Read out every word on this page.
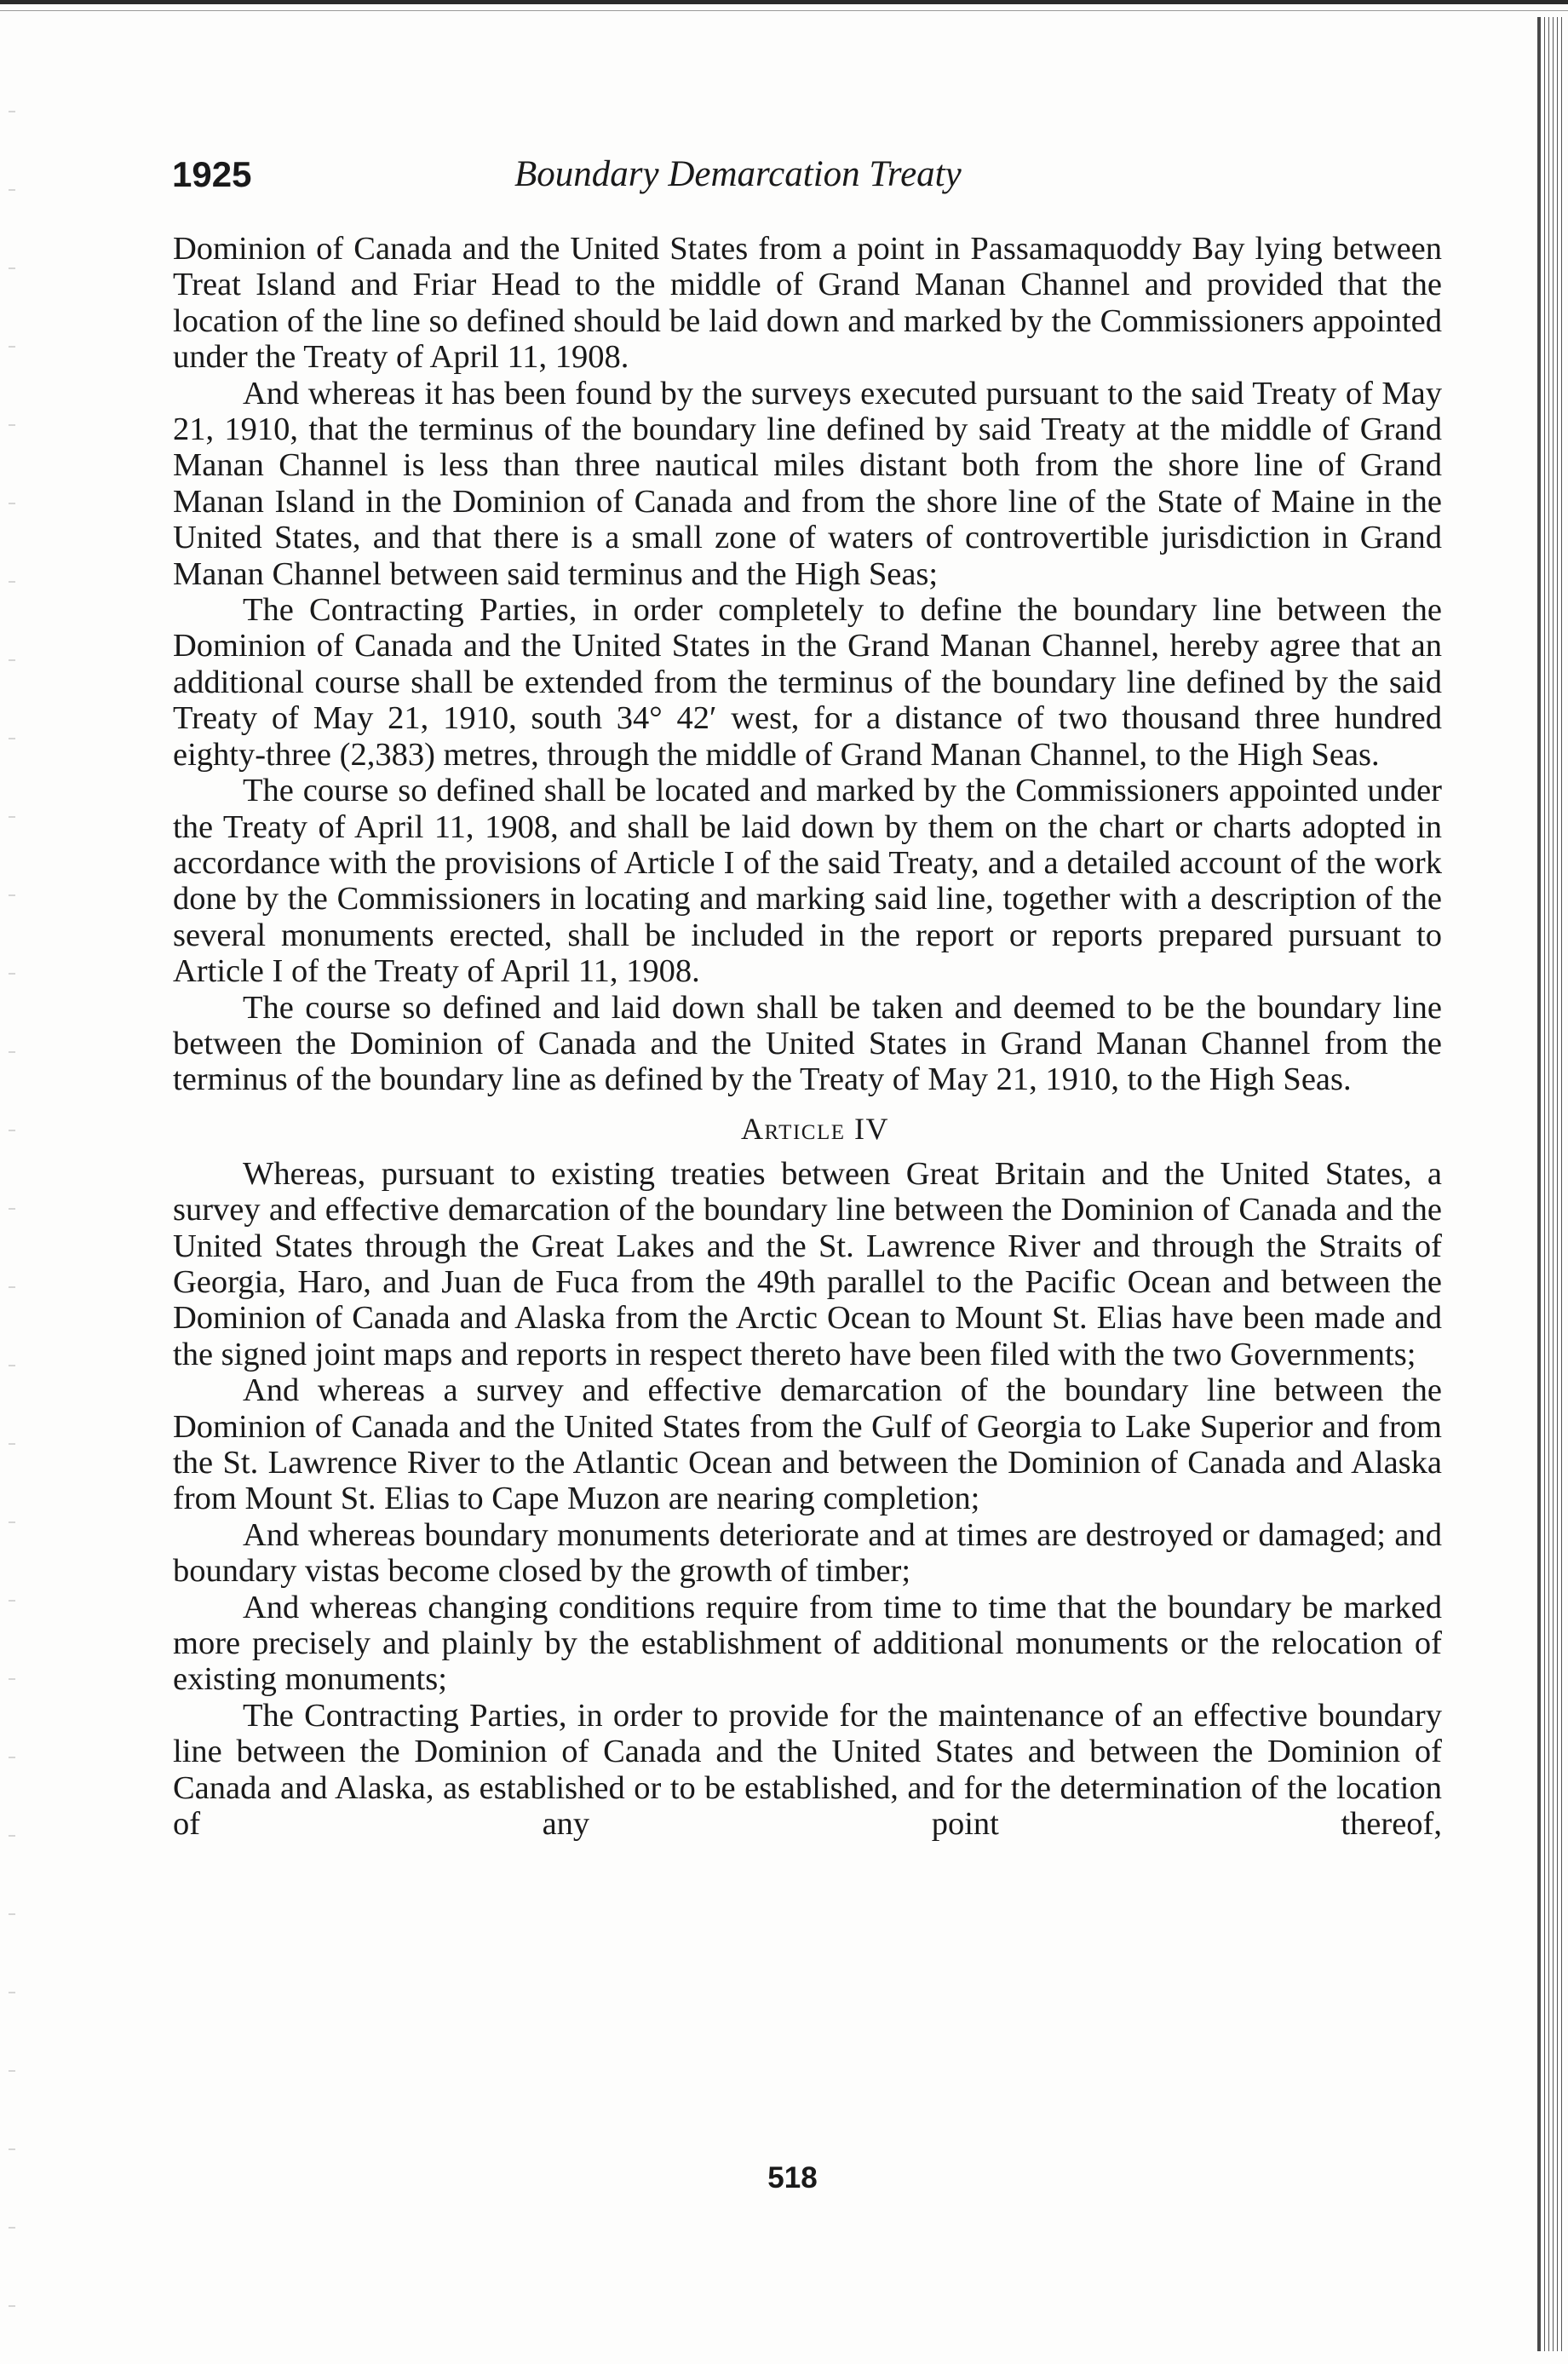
1925	Boundary Demarcation Treaty

Dominion of Canada and the United States from a point in Passamaquoddy Bay lying between Treat Island and Friar Head to the middle of Grand Manan Channel and provided that the location of the line so defined should be laid down and marked by the Commissioners appointed under the Treaty of April 11, 1908.

And whereas it has been found by the surveys executed pursuant to the said Treaty of May 21, 1910, that the terminus of the boundary line defined by said Treaty at the middle of Grand Manan Channel is less than three nautical miles distant both from the shore line of Grand Manan Island in the Dominion of Canada and from the shore line of the State of Maine in the United States, and that there is a small zone of waters of controvertible jurisdiction in Grand Manan Channel between said terminus and the High Seas;

The Contracting Parties, in order completely to define the boundary line between the Dominion of Canada and the United States in the Grand Manan Channel, hereby agree that an additional course shall be extended from the terminus of the boundary line defined by the said Treaty of May 21, 1910, south 34° 42′ west, for a distance of two thousand three hundred eighty-three (2,383) metres, through the middle of Grand Manan Channel, to the High Seas.

The course so defined shall be located and marked by the Commissioners appointed under the Treaty of April 11, 1908, and shall be laid down by them on the chart or charts adopted in accordance with the provisions of Article I of the said Treaty, and a detailed account of the work done by the Commissioners in locating and marking said line, together with a description of the several monuments erected, shall be included in the report or reports prepared pursuant to Article I of the Treaty of April 11, 1908.

The course so defined and laid down shall be taken and deemed to be the boundary line between the Dominion of Canada and the United States in Grand Manan Channel from the terminus of the boundary line as defined by the Treaty of May 21, 1910, to the High Seas.

Article IV

Whereas, pursuant to existing treaties between Great Britain and the United States, a survey and effective demarcation of the boundary line between the Dominion of Canada and the United States through the Great Lakes and the St. Lawrence River and through the Straits of Georgia, Haro, and Juan de Fuca from the 49th parallel to the Pacific Ocean and between the Dominion of Canada and Alaska from the Arctic Ocean to Mount St. Elias have been made and the signed joint maps and reports in respect thereto have been filed with the two Governments;

And whereas a survey and effective demarcation of the boundary line between the Dominion of Canada and the United States from the Gulf of Georgia to Lake Superior and from the St. Lawrence River to the Atlantic Ocean and between the Dominion of Canada and Alaska from Mount St. Elias to Cape Muzon are nearing completion;

And whereas boundary monuments deteriorate and at times are destroyed or damaged; and boundary vistas become closed by the growth of timber;

And whereas changing conditions require from time to time that the boundary be marked more precisely and plainly by the establishment of additional monuments or the relocation of existing monuments;

The Contracting Parties, in order to provide for the maintenance of an effective boundary line between the Dominion of Canada and the United States and between the Dominion of Canada and Alaska, as established or to be established, and for the determination of the location of any point thereof,

518
